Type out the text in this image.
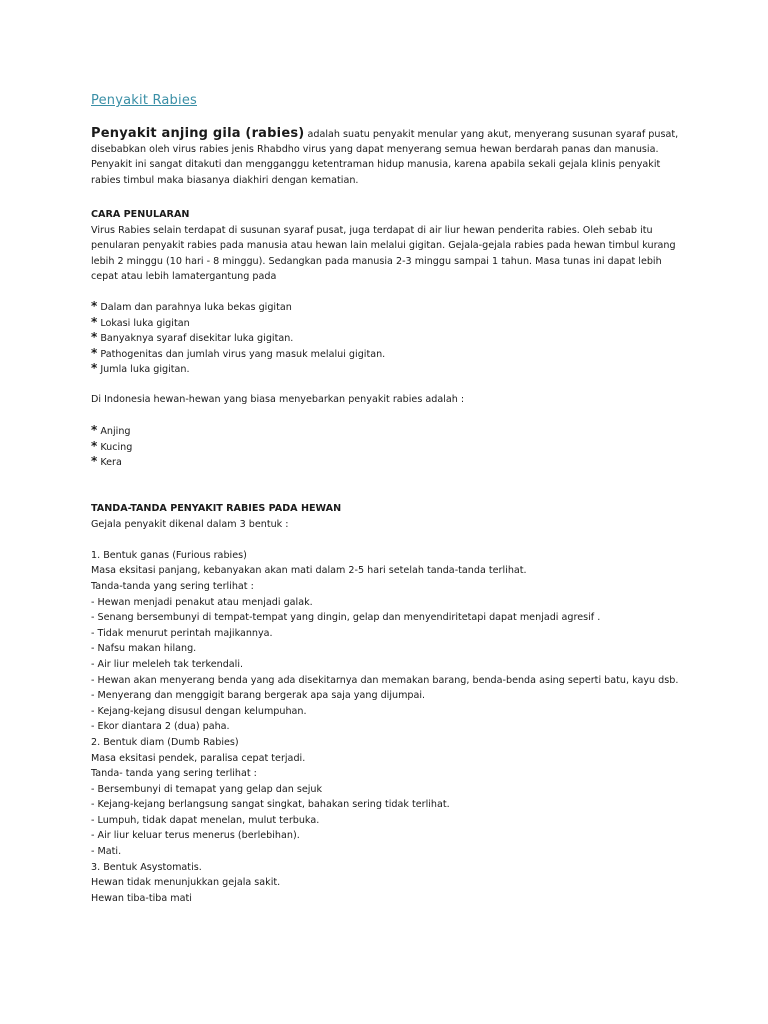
Penyakit Rabies
Penyakit anjing gila (rabies) adalah suatu penyakit menular yang akut, menyerang susunan syaraf pusat,
disebabkan oleh virus rabies jenis Rhabdho virus yang dapat menyerang semua hewan berdarah panas dan manusia.
Penyakit ini sangat ditakuti dan mengganggu ketentraman hidup manusia, karena apabila sekali gejala klinis penyakit
rabies timbul maka biasanya diakhiri dengan kematian.
CARA PENULARAN
Virus Rabies selain terdapat di susunan syaraf pusat, juga terdapat di air liur hewan penderita rabies. Oleh sebab itu
penularan penyakit rabies pada manusia atau hewan lain melalui gigitan. Gejala-gejala rabies pada hewan timbul kurang
lebih 2 minggu (10 hari - 8 minggu). Sedangkan pada manusia 2-3 minggu sampai 1 tahun. Masa tunas ini dapat lebih
cepat atau lebih lamatergantung pada
* Dalam dan parahnya luka bekas gigitan
* Lokasi luka gigitan
* Banyaknya syaraf disekitar luka gigitan.
* Pathogenitas dan jumlah virus yang masuk melalui gigitan.
* Jumla luka gigitan.
Di Indonesia hewan-hewan yang biasa menyebarkan penyakit rabies adalah :
* Anjing
* Kucing
* Kera
TANDA-TANDA PENYAKIT RABIES PADA HEWAN
Gejala penyakit dikenal dalam 3 bentuk :
1. Bentuk ganas (Furious rabies)
Masa eksitasi panjang, kebanyakan akan mati dalam 2-5 hari setelah tanda-tanda terlihat.
Tanda-tanda yang sering terlihat :
- Hewan menjadi penakut atau menjadi galak.
- Senang bersembunyi di tempat-tempat yang dingin, gelap dan menyendiritetapi dapat menjadi agresif .
- Tidak menurut perintah majikannya.
- Nafsu makan hilang.
- Air liur meleleh tak terkendali.
- Hewan akan menyerang benda yang ada disekitarnya dan memakan barang, benda-benda asing seperti batu, kayu dsb.
- Menyerang dan menggigit barang bergerak apa saja yang dijumpai.
- Kejang-kejang disusul dengan kelumpuhan.
- Ekor diantara 2 (dua) paha.
2. Bentuk diam (Dumb Rabies)
Masa eksitasi pendek, paralisa cepat terjadi.
Tanda- tanda yang sering terlihat :
- Bersembunyi di temapat yang gelap dan sejuk
- Kejang-kejang berlangsung sangat singkat, bahakan sering tidak terlihat.
- Lumpuh, tidak dapat menelan, mulut terbuka.
- Air liur keluar terus menerus (berlebihan).
- Mati.
3. Bentuk Asystomatis.
Hewan tidak menunjukkan gejala sakit.
Hewan tiba-tiba mati
